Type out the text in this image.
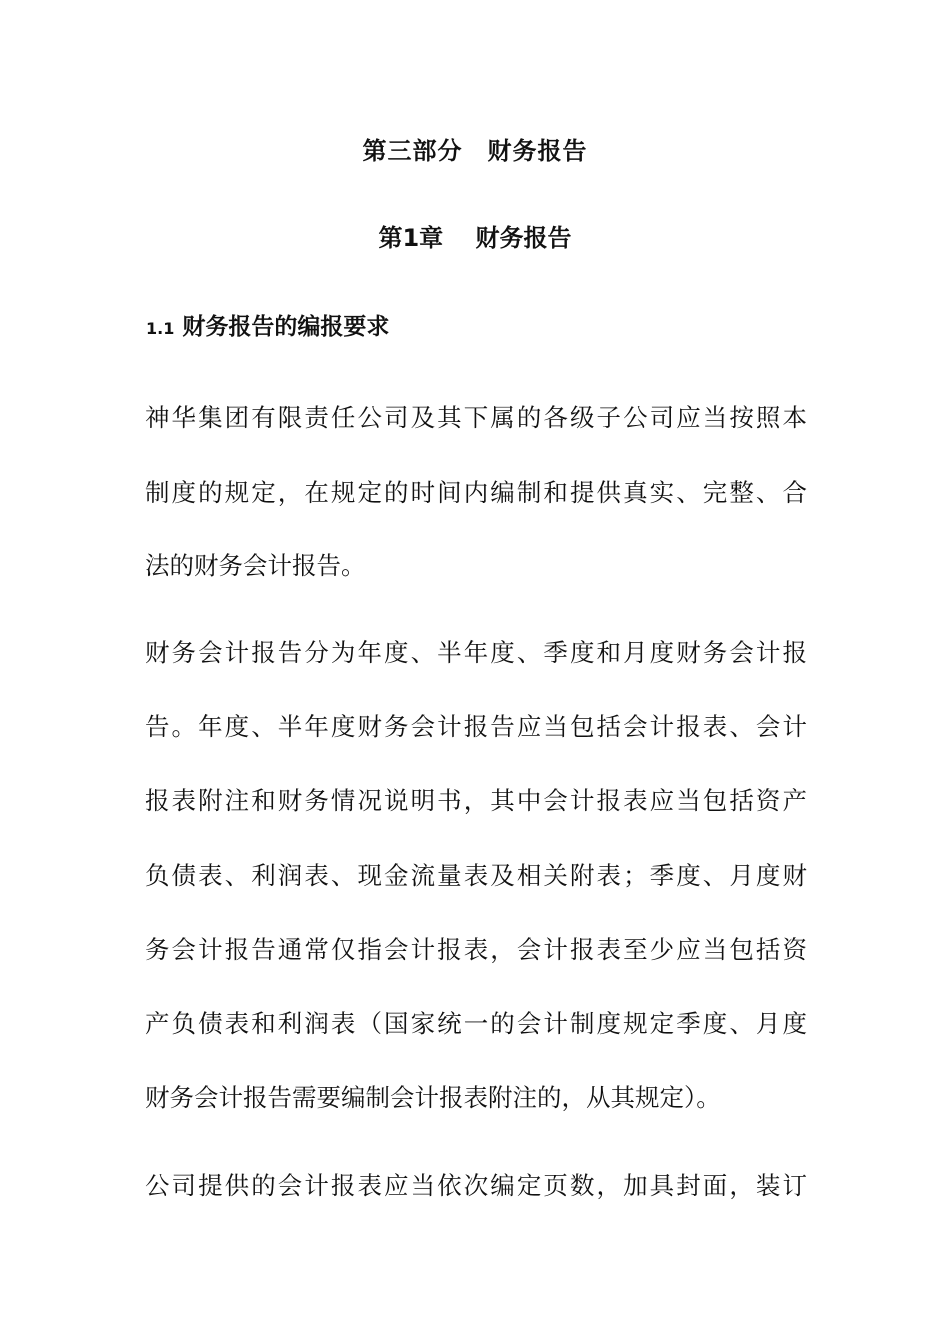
第三部分　财务报告
第1章　 财务报告
1.1 财务报告的编报要求
神华集团有限责任公司及其下属的各级子公司应当按照本
制度的规定，在规定的时间内编制和提供真实、完整、合
法的财务会计报告。
财务会计报告分为年度、半年度、季度和月度财务会计报
告。年度、半年度财务会计报告应当包括会计报表、会计
报表附注和财务情况说明书，其中会计报表应当包括资产
负债表、利润表、现金流量表及相关附表；季度、月度财
务会计报告通常仅指会计报表，会计报表至少应当包括资
产负债表和利润表（国家统一的会计制度规定季度、月度
财务会计报告需要编制会计报表附注的，从其规定）。
公司提供的会计报表应当依次编定页数，加具封面，装订
